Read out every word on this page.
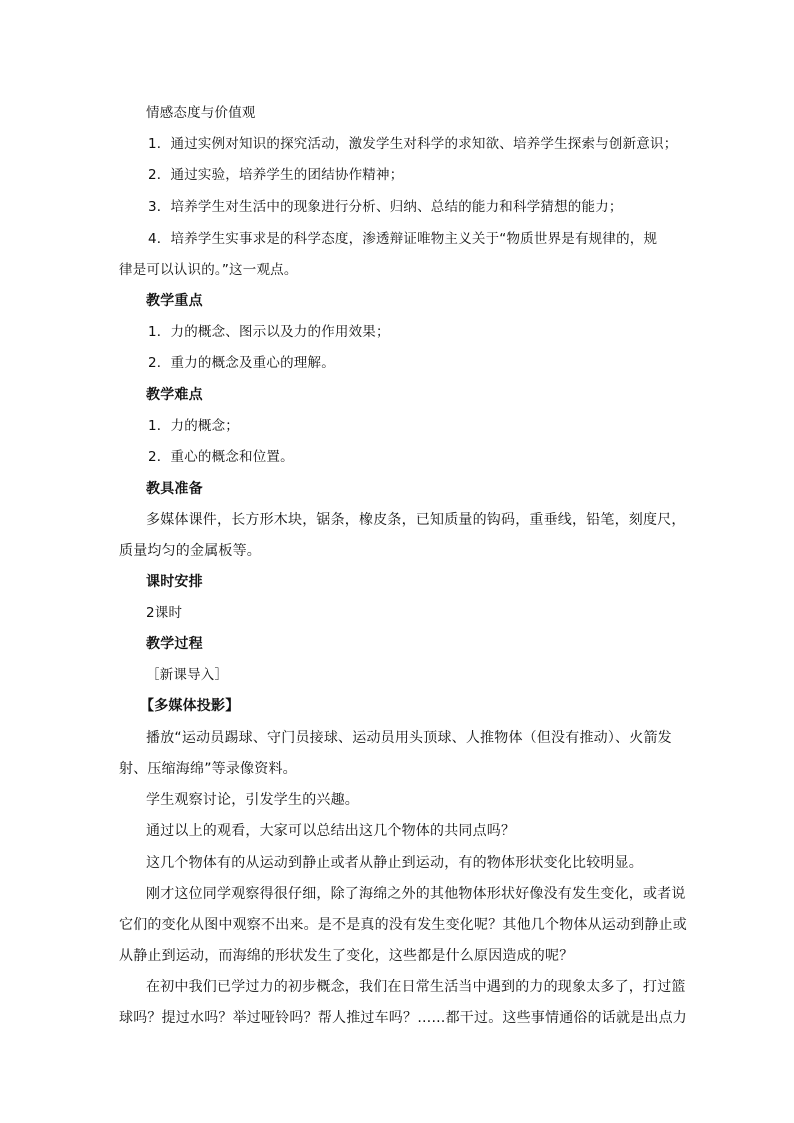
情感态度与价值观
1．通过实例对知识的探究活动，激发学生对科学的求知欲、培养学生探索与创新意识；
2．通过实验，培养学生的团结协作精神；
3．培养学生对生活中的现象进行分析、归纳、总结的能力和科学猜想的能力；
4．培养学生实事求是的科学态度，渗透辩证唯物主义关于“物质世界是有规律的，规
律是可以认识的。”这一观点。
教学重点
1．力的概念、图示以及力的作用效果；
2．重力的概念及重心的理解。
教学难点
1．力的概念；
2．重心的概念和位置。
教具准备
多媒体课件，长方形木块，锯条，橡皮条，已知质量的钩码，重垂线，铅笔，刻度尺，
质量均匀的金属板等。
课时安排
2课时
教学过程
［新课导入］
【多媒体投影】
播放“运动员踢球、守门员接球、运动员用头顶球、人推物体（但没有推动）、火箭发
射、压缩海绵”等录像资料。
学生观察讨论，引发学生的兴趣。
通过以上的观看，大家可以总结出这几个物体的共同点吗？
这几个物体有的从运动到静止或者从静止到运动，有的物体形状变化比较明显。
刚才这位同学观察得很仔细，除了海绵之外的其他物体形状好像没有发生变化，或者说
它们的变化从图中观察不出来。是不是真的没有发生变化呢？其他几个物体从运动到静止或
从静止到运动，而海绵的形状发生了变化，这些都是什么原因造成的呢？
在初中我们已学过力的初步概念，我们在日常生活当中遇到的力的现象太多了，打过篮
球吗？提过水吗？举过哑铃吗？帮人推过车吗？……都干过。这些事情通俗的话就是出点力
